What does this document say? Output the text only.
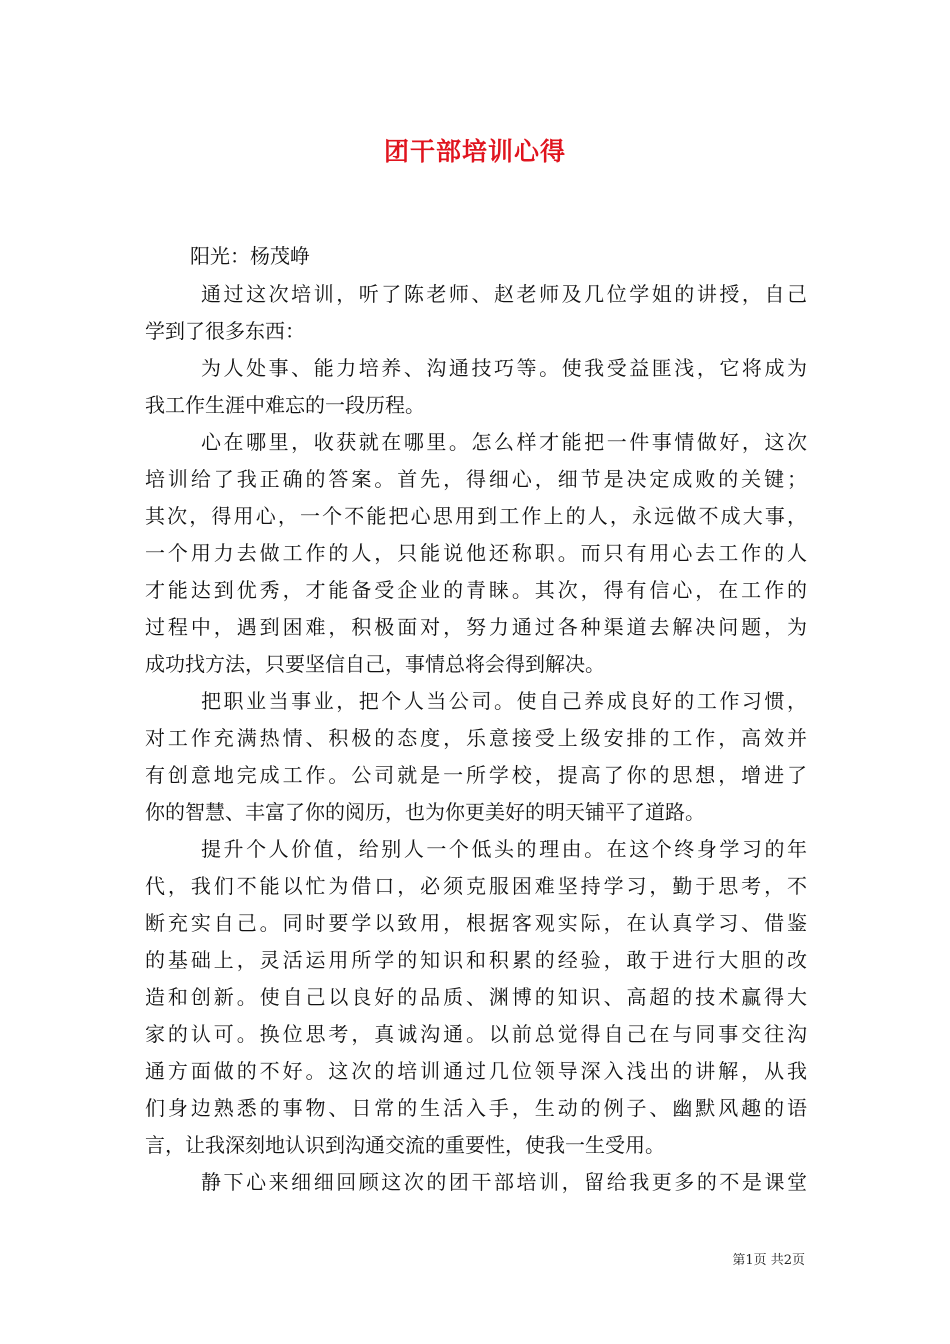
团干部培训心得
阳光：杨茂峥
通过这次培训，听了陈老师、赵老师及几位学姐的讲授，自己
学到了很多东西：
为人处事、能力培养、沟通技巧等。使我受益匪浅，它将成为
我工作生涯中难忘的一段历程。
心在哪里，收获就在哪里。怎么样才能把一件事情做好，这次
培训给了我正确的答案。首先，得细心，细节是决定成败的关键；
其次，得用心，一个不能把心思用到工作上的人，永远做不成大事，
一个用力去做工作的人，只能说他还称职。而只有用心去工作的人
才能达到优秀，才能备受企业的青睐。其次，得有信心，在工作的
过程中，遇到困难，积极面对，努力通过各种渠道去解决问题，为
成功找方法，只要坚信自己，事情总将会得到解决。
把职业当事业，把个人当公司。使自己养成良好的工作习惯，
对工作充满热情、积极的态度，乐意接受上级安排的工作，高效并
有创意地完成工作。公司就是一所学校，提高了你的思想，增进了
你的智慧、丰富了你的阅历，也为你更美好的明天铺平了道路。
提升个人价值，给别人一个低头的理由。在这个终身学习的年
代，我们不能以忙为借口，必须克服困难坚持学习，勤于思考，不
断充实自己。同时要学以致用，根据客观实际，在认真学习、借鉴
的基础上，灵活运用所学的知识和积累的经验，敢于进行大胆的改
造和创新。使自己以良好的品质、渊博的知识、高超的技术赢得大
家的认可。换位思考，真诚沟通。以前总觉得自己在与同事交往沟
通方面做的不好。这次的培训通过几位领导深入浅出的讲解，从我
们身边熟悉的事物、日常的生活入手，生动的例子、幽默风趣的语
言，让我深刻地认识到沟通交流的重要性，使我一生受用。
静下心来细细回顾这次的团干部培训，留给我更多的不是课堂
第1页 共2页
